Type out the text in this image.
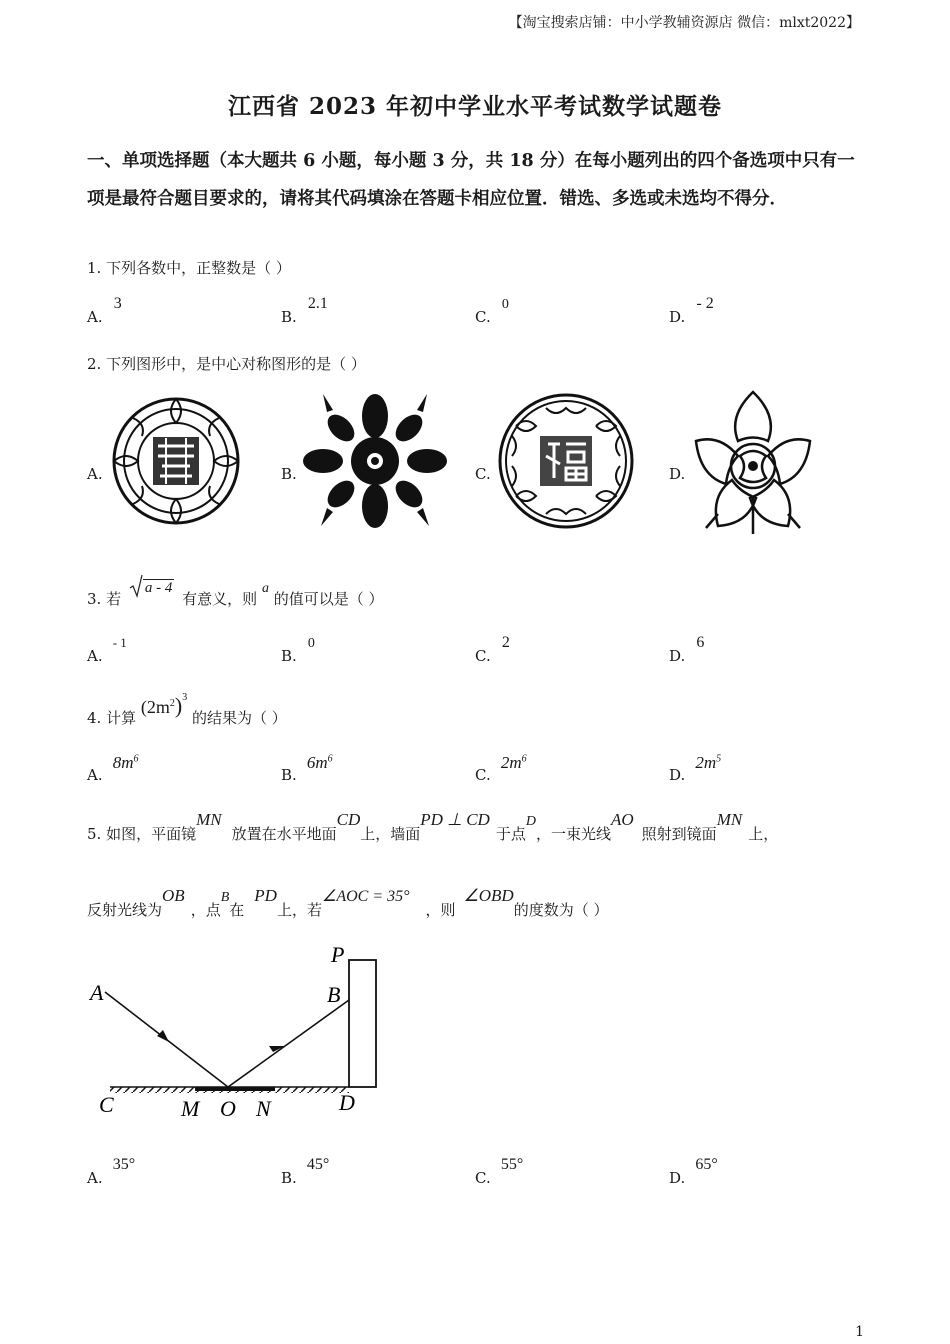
【淘宝搜索店铺：中小学教辅资源店 微信：mlxt2022】
江西省 2023 年初中学业水平考试数学试题卷
一、单项选择题（本大题共 6 小题，每小题 3 分，共 18 分）在每小题列出的四个备选项中只有一项是最符合题目要求的，请将其代码填涂在答题卡相应位置．错选、多选或未选均不得分．
1. 下列各数中，正整数是（ ）
A. 3
B. 2.1
C. 0
D. - 2
2. 下列图形中，是中心对称图形的是（ ）
A.	B.	C.	D.
3. 若 a - 4 有意义，则 a 的值可以是（ ）
A. - 1
B. 0
C. 2
D. 6
4. 计算 $(2m^2)^3$ 的结果为（ ）
A. $8m^6$
B. $6m^6$
C. $2m^6$
D. $2m^5$
5. 如图，平面镜MN放置在水平地面CD上，墙面PD ⊥ CD于点D，一束光线AO照射到镜面MN上，
反射光线为OB，点B在PD上，若∠AOC = 35°，则∠OBD的度数为（ ）
A	B
P
C	M O N	D
A. 35°
B. 45°
C. 55°
D. 65°
1
